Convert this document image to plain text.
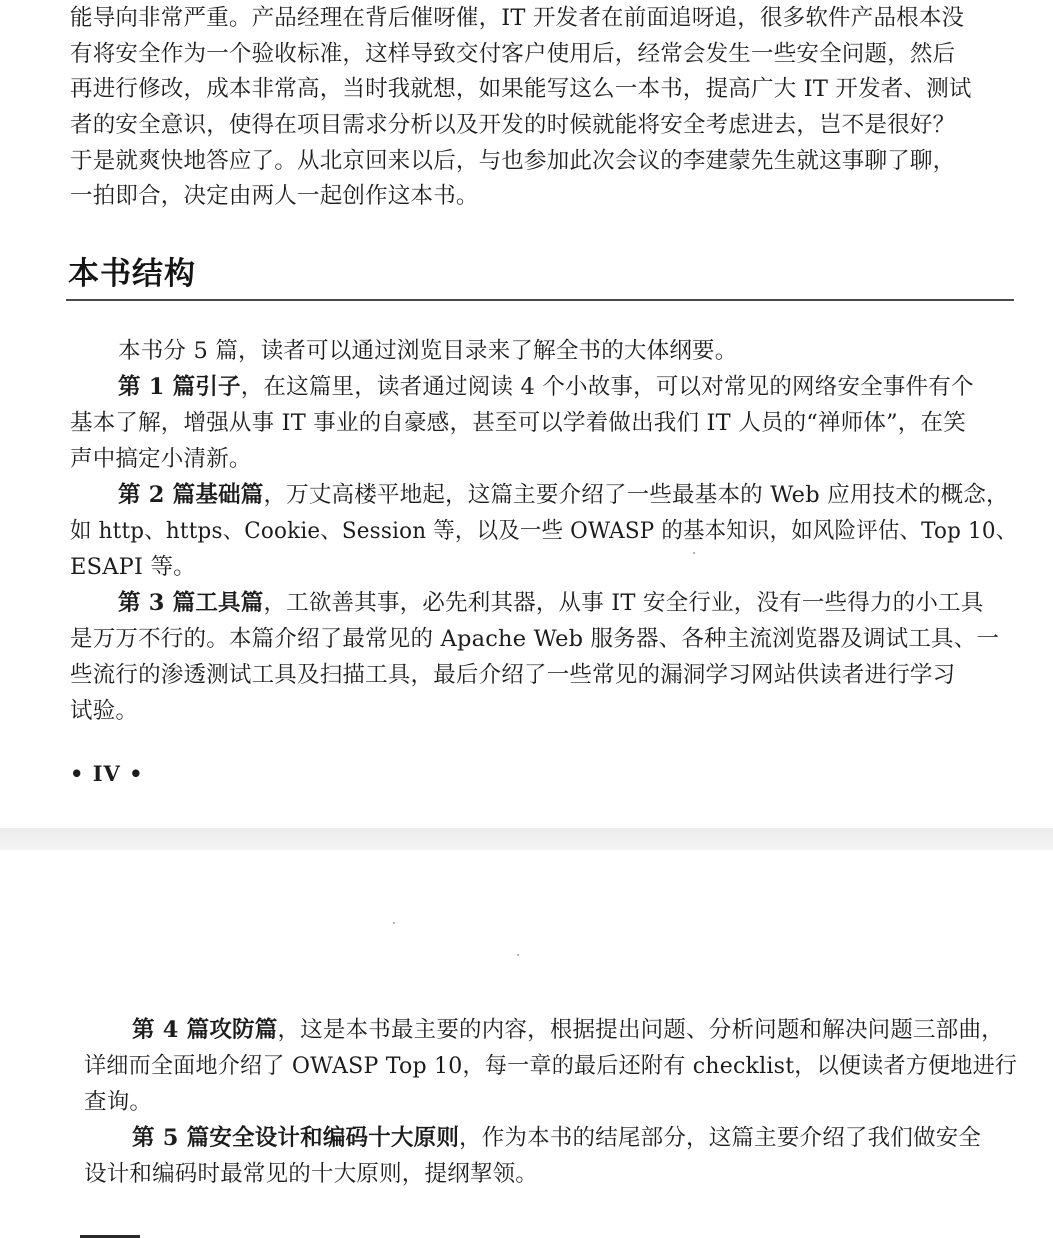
能导向非常严重。产品经理在背后催呀催，IT 开发者在前面追呀追，很多软件产品根本没
有将安全作为一个验收标准，这样导致交付客户使用后，经常会发生一些安全问题，然后
再进行修改，成本非常高，当时我就想，如果能写这么一本书，提高广大 IT 开发者、测试
者的安全意识，使得在项目需求分析以及开发的时候就能将安全考虑进去，岂不是很好？
于是就爽快地答应了。从北京回来以后，与也参加此次会议的李建蒙先生就这事聊了聊，
一拍即合，决定由两人一起创作这本书。
本书结构
本书分 5 篇，读者可以通过浏览目录来了解全书的大体纲要。
第 1 篇引子，在这篇里，读者通过阅读 4 个小故事，可以对常见的网络安全事件有个
基本了解，增强从事 IT 事业的自豪感，甚至可以学着做出我们 IT 人员的“禅师体”，在笑
声中搞定小清新。
第 2 篇基础篇，万丈高楼平地起，这篇主要介绍了一些最基本的 Web 应用技术的概念，
如 http、https、Cookie、Session 等，以及一些 OWASP 的基本知识，如风险评估、Top 10、
ESAPI 等。
第 3 篇工具篇，工欲善其事，必先利其器，从事 IT 安全行业，没有一些得力的小工具
是万万不行的。本篇介绍了最常见的 Apache Web 服务器、各种主流浏览器及调试工具、一
些流行的渗透测试工具及扫描工具，最后介绍了一些常见的漏洞学习网站供读者进行学习
试验。
• IV •
第 4 篇攻防篇，这是本书最主要的内容，根据提出问题、分析问题和解决问题三部曲，
详细而全面地介绍了 OWASP Top 10，每一章的最后还附有 checklist，以便读者方便地进行
查询。
第 5 篇安全设计和编码十大原则，作为本书的结尾部分，这篇主要介绍了我们做安全
设计和编码时最常见的十大原则，提纲挈领。
